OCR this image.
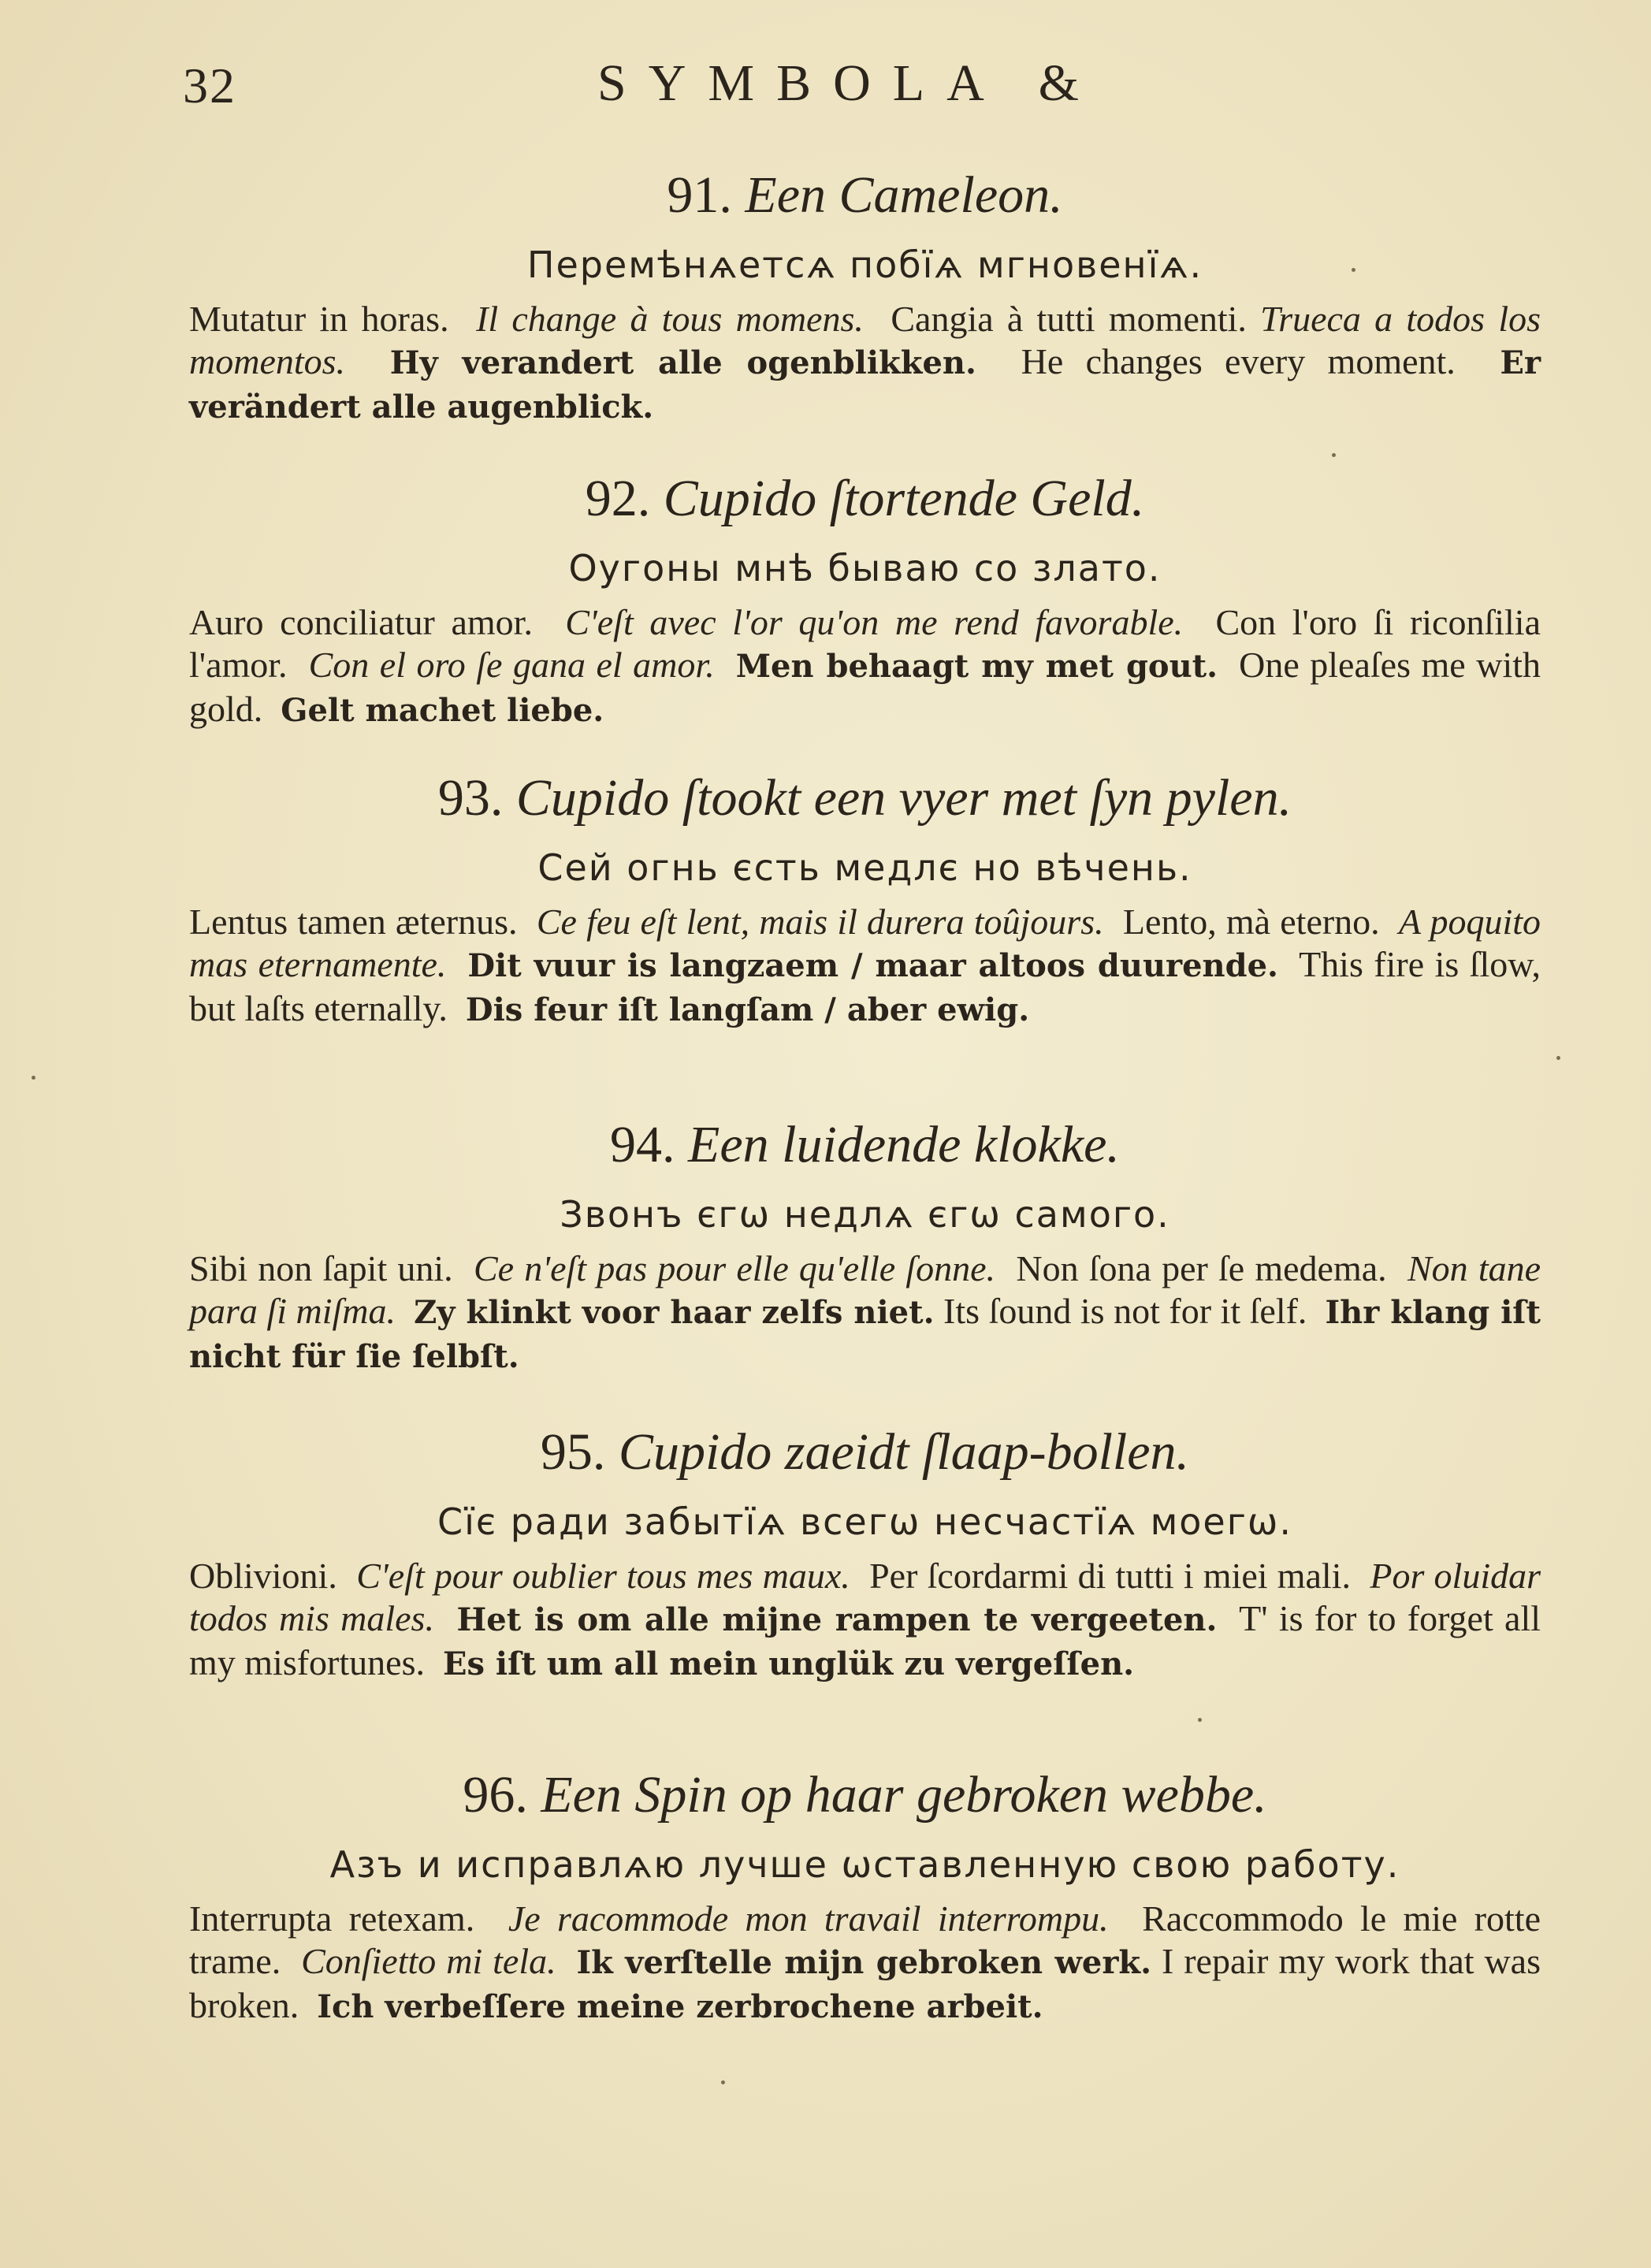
32	SYMBOLA &
91. Een Cameleon.
Перемѣнѧетсѧ побїѧ мгновенїѧ.
Mutatur in horas. Il change à tous momens. Cangia à tutti momenti. Trueca a todos los momentos. Hy verandert alle ogenblikken. He changes every moment. Er verändert alle augenblick.
92. Cupido ſtortende Geld.
Оугоны мнѣ бываю со злато.
Auro conciliatur amor. C'eſt avec l'or qu'on me rend favorable. Con l'oro ſi riconſilia l'amor. Con el oro ſe gana el amor. Men behaagt my met gout. One pleaſes me with gold. Gelt machet liebe.
93. Cupido ſtookt een vyer met ſyn pylen.
Сей огнь єсть медлє но вѣчень.
Lentus tamen æternus. Ce feu eſt lent, mais il durera toûjours. Lento, mà eterno. A poquito mas eternamente. Dit vuur is langzaem / maar altoos duurende. This fire is ſlow, but laſts eternally. Dis feur iſt langſam / aber ewig.
94. Een luidende klokke.
Звонъ єгѡ недлѧ єгѡ самого.
Sibi non ſapit uni. Ce n'eſt pas pour elle qu'elle ſonne. Non ſona per ſe medema. Non tane para ſi miſma. Zy klinkt voor haar zelfs niet. Its ſound is not for it ſelf. Ihr klang iſt nicht für ſie ſelbſt.
95. Cupido zaeidt ſlaap-bollen.
Сїє ради забытїѧ всегѡ несчастїѧ моегѡ.
Oblivioni. C'eſt pour oublier tous mes maux. Per ſcordarmi di tutti i miei mali. Por oluidar todos mis males. Het is om alle mijne rampen te vergeeten. T' is for to forget all my misfortunes. Es iſt um all mein unglük zu vergeſſen.
96. Een Spin op haar gebroken webbe.
Азъ и исправлѧю лучше ѡставленную свою работу.
Interrupta retexam. Je racommode mon travail interrompu. Raccommodo le mie rotte trame. Conſietto mi tela. Ik verſtelle mijn gebroken werk. I repair my work that was broken. Ich verbeſſere meine zerbrochene arbeit.
